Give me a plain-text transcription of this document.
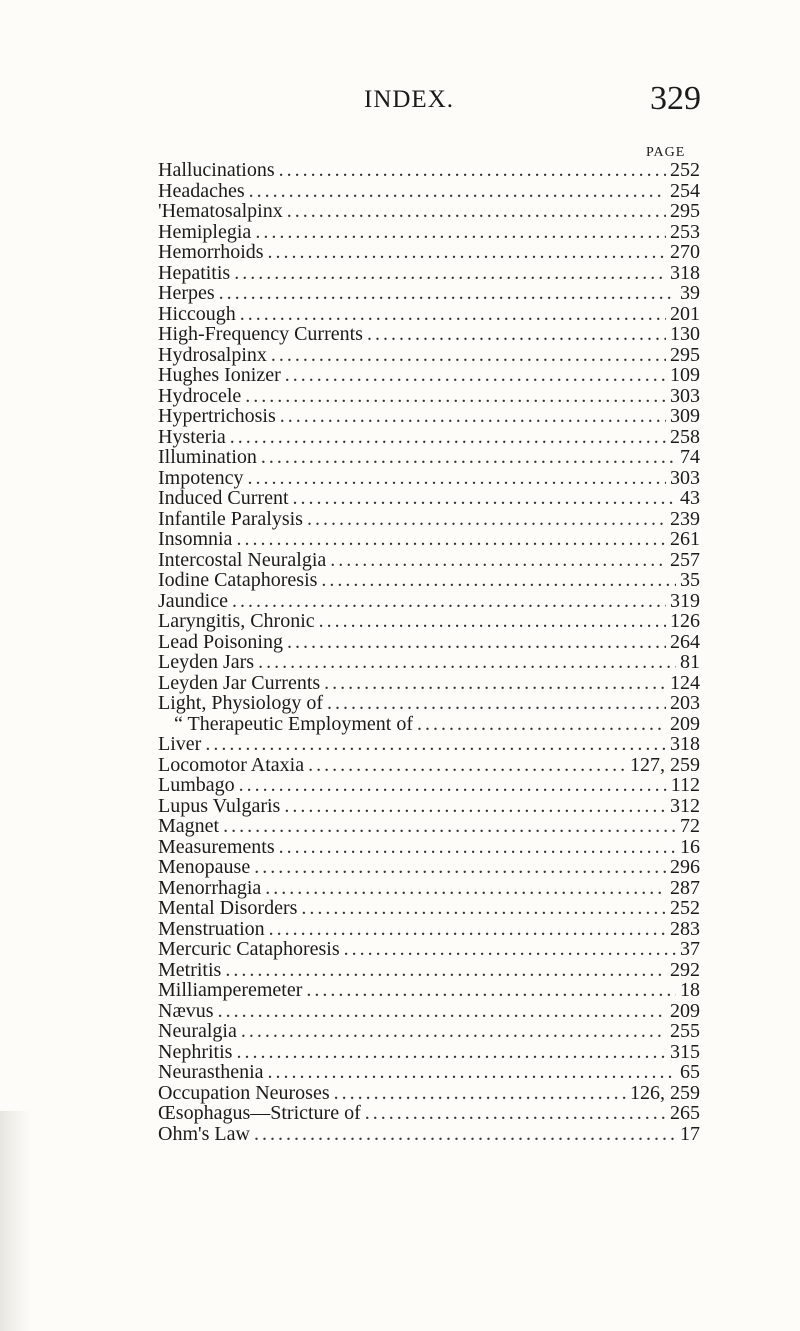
INDEX.	329
PAGE
Hallucinations . . .	252
Headaches . . .	254
'Hematosalpinx . . .	295
Hemiplegia . . .	253
Hemorrhoids . . .	270
Hepatitis . . .	318
Herpes . . .	39
Hiccough . . .	201
High-Frequency Currents . . .	130
Hydrosalpinx . . .	295
Hughes Ionizer . . .	109
Hydrocele . . .	303
Hypertrichosis . . .	309
Hysteria . . .	258
Illumination . . .	74
Impotency . . .	303
Induced Current . . .	43
Infantile Paralysis . . .	239
Insomnia . . .	261
Intercostal Neuralgia . . .	257
Iodine Cataphoresis . . .	35
Jaundice . . .	319
Laryngitis, Chronic . . .	126
Lead Poisoning . . .	264
Leyden Jars . . .	81
Leyden Jar Currents . . .	124
Light, Physiology of . . .	203
“ Therapeutic Employment of . . .	209
Liver . . .	318
Locomotor Ataxia . . .	127, 259
Lumbago . . .	112
Lupus Vulgaris . . .	312
Magnet . . .	72
Measurements . . .	16
Menopause . . .	296
Menorrhagia . . .	287
Mental Disorders . . .	252
Menstruation . . .	283
Mercuric Cataphoresis . . .	37
Metritis . . .	292
Milliamperemeter . . .	18
Nævus . . .	209
Neuralgia . . .	255
Nephritis . . .	315
Neurasthenia . . .	65
Occupation Neuroses . . .	126, 259
Œsophagus—Stricture of . . .	265
Ohm's Law . . .	17
